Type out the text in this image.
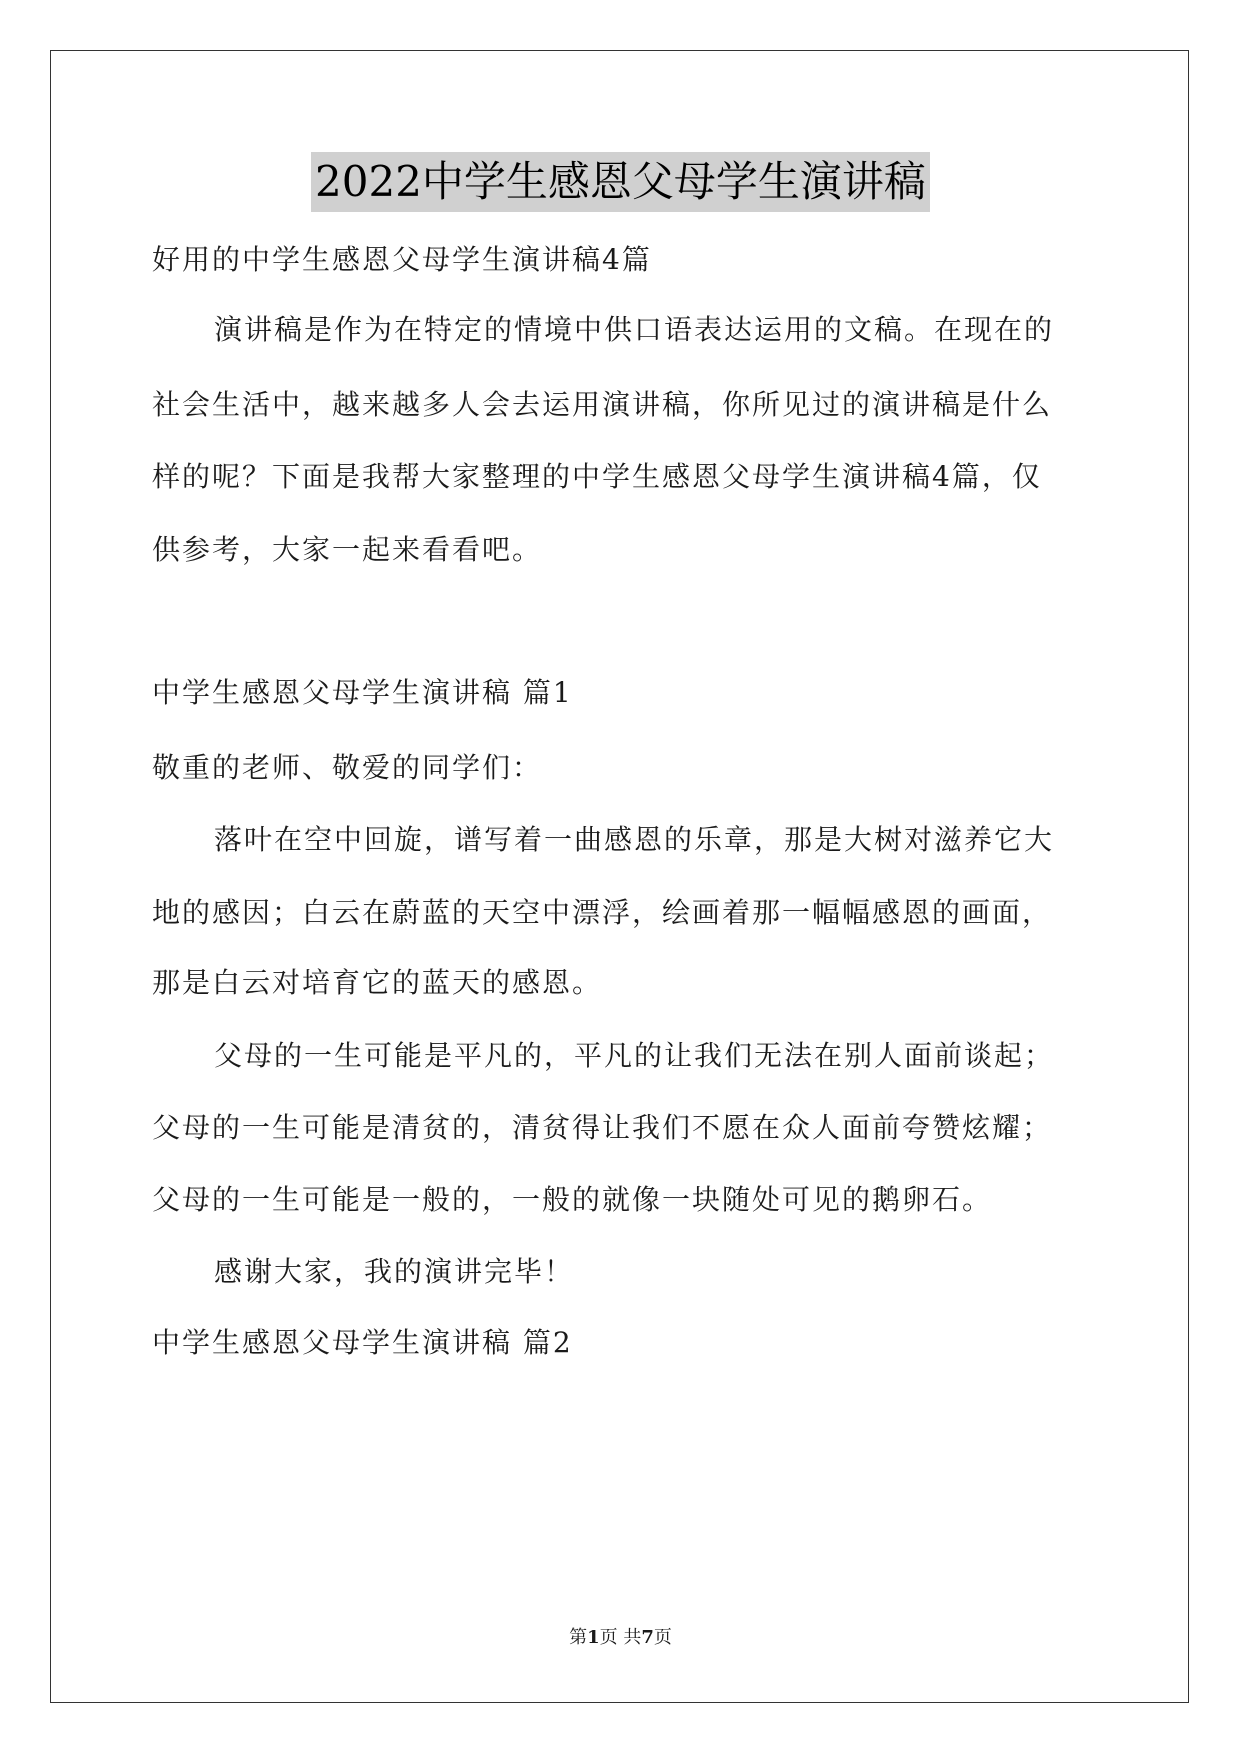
2022中学生感恩父母学生演讲稿
好用的中学生感恩父母学生演讲稿4篇
演讲稿是作为在特定的情境中供口语表达运用的文稿。在现在的
社会生活中，越来越多人会去运用演讲稿，你所见过的演讲稿是什么
样的呢？下面是我帮大家整理的中学生感恩父母学生演讲稿4篇，仅
供参考，大家一起来看看吧。
中学生感恩父母学生演讲稿 篇1
敬重的老师、敬爱的同学们：
落叶在空中回旋，谱写着一曲感恩的乐章，那是大树对滋养它大
地的感因；白云在蔚蓝的天空中漂浮，绘画着那一幅幅感恩的画面，
那是白云对培育它的蓝天的感恩。
父母的一生可能是平凡的，平凡的让我们无法在别人面前谈起；
父母的一生可能是清贫的，清贫得让我们不愿在众人面前夸赞炫耀；
父母的一生可能是一般的，一般的就像一块随处可见的鹅卵石。
感谢大家，我的演讲完毕！
中学生感恩父母学生演讲稿 篇2
第1页 共7页
